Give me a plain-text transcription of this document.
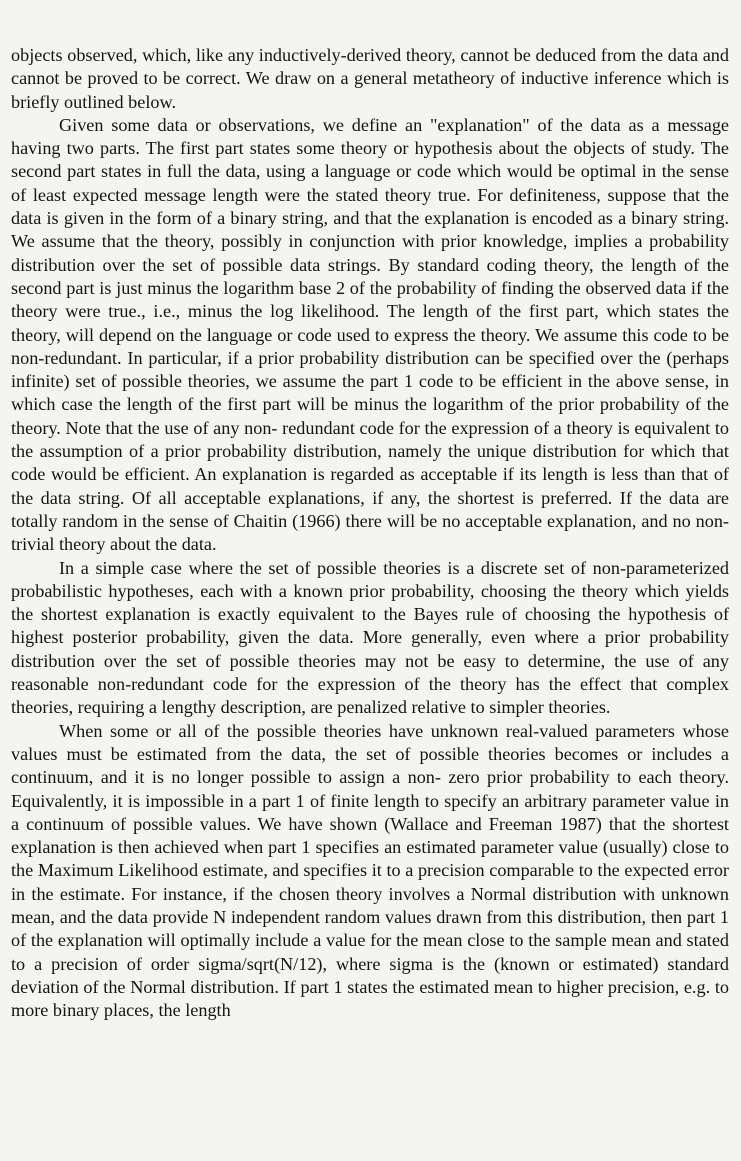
objects observed, which, like any inductively-derived theory, cannot be deduced from the data and cannot be proved to be correct. We draw on a general metatheory of inductive inference which is briefly outlined below.

Given some data or observations, we define an "explanation" of the data as a message having two parts. The first part states some theory or hypothesis about the objects of study. The second part states in full the data, using a language or code which would be optimal in the sense of least expected message length were the stated theory true. For definiteness, suppose that the data is given in the form of a binary string, and that the explanation is encoded as a binary string. We assume that the theory, possibly in conjunction with prior knowledge, implies a probability distribution over the set of possible data strings. By standard coding theory, the length of the second part is just minus the logarithm base 2 of the probability of finding the observed data if the theory were true., i.e., minus the log likelihood. The length of the first part, which states the theory, will depend on the language or code used to express the theory. We assume this code to be non-redundant. In particular, if a prior probability distribution can be specified over the (perhaps infinite) set of possible theories, we assume the part 1 code to be efficient in the above sense, in which case the length of the first part will be minus the logarithm of the prior probability of the theory. Note that the use of any non- redundant code for the expression of a theory is equivalent to the assumption of a prior probability distribution, namely the unique distribution for which that code would be efficient. An explanation is regarded as acceptable if its length is less than that of the data string. Of all acceptable explanations, if any, the shortest is preferred. If the data are totally random in the sense of Chaitin (1966) there will be no acceptable explanation, and no non-trivial theory about the data.

In a simple case where the set of possible theories is a discrete set of non-parameterized probabilistic hypotheses, each with a known prior probability, choosing the theory which yields the shortest explanation is exactly equivalent to the Bayes rule of choosing the hypothesis of highest posterior probability, given the data. More generally, even where a prior probability distribution over the set of possible theories may not be easy to determine, the use of any reasonable non-redundant code for the expression of the theory has the effect that complex theories, requiring a lengthy description, are penalized relative to simpler theories.

When some or all of the possible theories have unknown real-valued parameters whose values must be estimated from the data, the set of possible theories becomes or includes a continuum, and it is no longer possible to assign a non- zero prior probability to each theory. Equivalently, it is impossible in a part 1 of finite length to specify an arbitrary parameter value in a continuum of possible values. We have shown (Wallace and Freeman 1987) that the shortest explanation is then achieved when part 1 specifies an estimated parameter value (usually) close to the Maximum Likelihood estimate, and specifies it to a precision comparable to the expected error in the estimate. For instance, if the chosen theory involves a Normal distribution with unknown mean, and the data provide N independent random values drawn from this distribution, then part 1 of the explanation will optimally include a value for the mean close to the sample mean and stated to a precision of order sigma/sqrt(N/12), where sigma is the (known or estimated) standard deviation of the Normal distribution. If part 1 states the estimated mean to higher precision, e.g. to more binary places, the length
